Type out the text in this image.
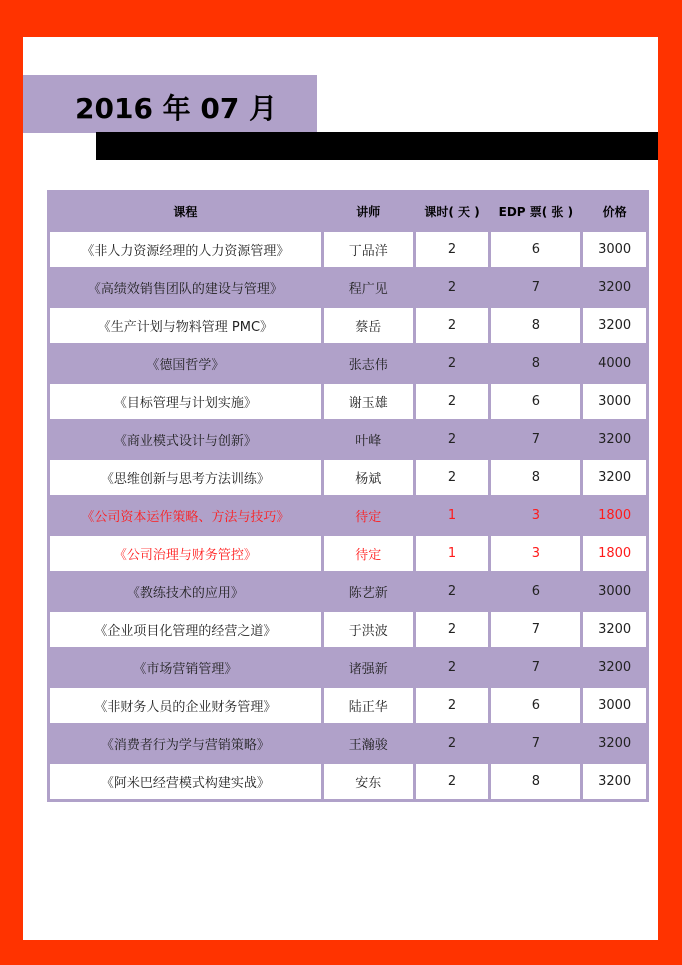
2016 年 07 月
课程	讲师	课时( 天 )	EDP 票( 张 )	价格
《非人力资源经理的人力资源管理》	丁品洋	2	6	3000
《高绩效销售团队的建设与管理》	程广见	2	7	3200
《生产计划与物料管理 PMC》	蔡岳	2	8	3200
《德国哲学》	张志伟	2	8	4000
《目标管理与计划实施》	谢玉雄	2	6	3000
《商业模式设计与创新》	叶峰	2	7	3200
《思维创新与思考方法训练》	杨斌	2	8	3200
《公司资本运作策略、方法与技巧》	待定	1	3	1800
《公司治理与财务管控》	待定	1	3	1800
《教练技术的应用》	陈艺新	2	6	3000
《企业项目化管理的经营之道》	于洪波	2	7	3200
《市场营销管理》	诸强新	2	7	3200
《非财务人员的企业财务管理》	陆正华	2	6	3000
《消费者行为学与营销策略》	王瀚骏	2	7	3200
《阿米巴经营模式构建实战》	安东	2	8	3200
